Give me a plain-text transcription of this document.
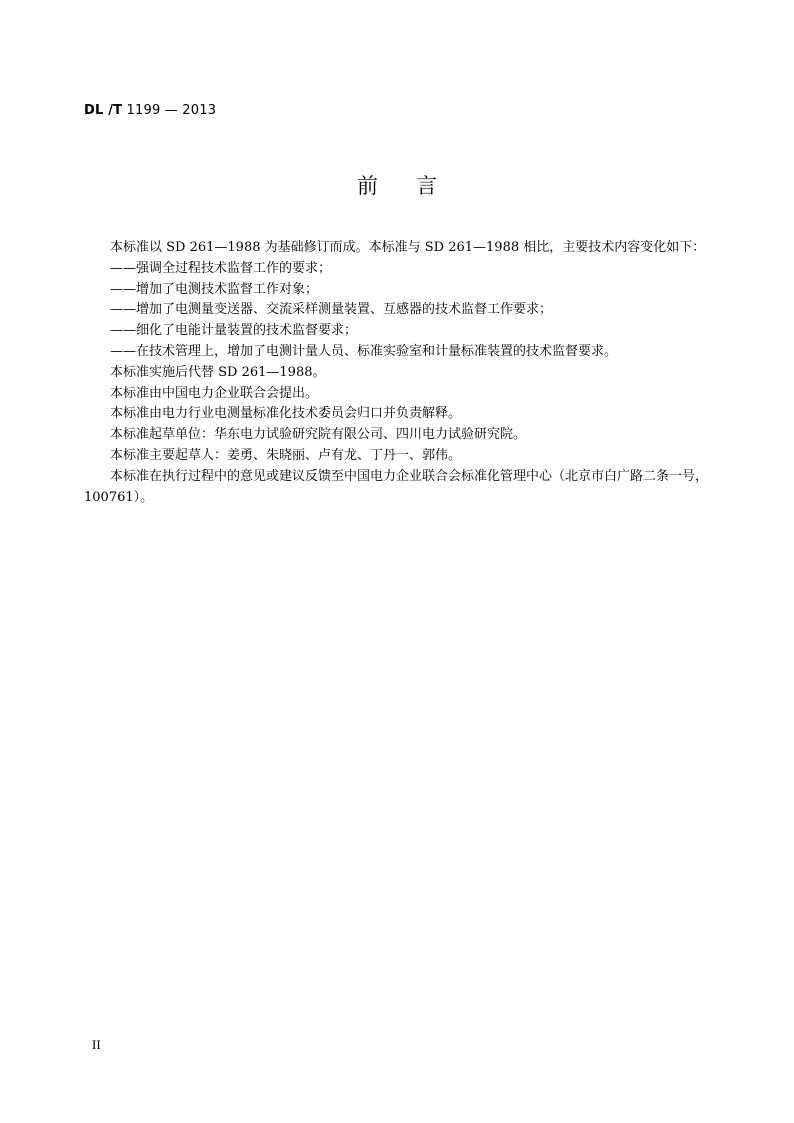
DL /T 1199 — 2013
前言

本标准以 SD 261—1988 为基础修订而成。本标准与 SD 261—1988 相比，主要技术内容变化如下：

——强调全过程技术监督工作的要求；

——增加了电测技术监督工作对象；

——增加了电测量变送器、交流采样测量装置、互感器的技术监督工作要求；

——细化了电能计量装置的技术监督要求；

——在技术管理上，增加了电测计量人员、标准实验室和计量标准装置的技术监督要求。

本标准实施后代替 SD 261—1988。

本标准由中国电力企业联合会提出。

本标准由电力行业电测量标准化技术委员会归口并负责解释。

本标准起草单位：华东电力试验研究院有限公司、四川电力试验研究院。

本标准主要起草人：姜勇、朱晓丽、卢有龙、丁丹一、郭伟。

本标准在执行过程中的意见或建议反馈至中国电力企业联合会标准化管理中心（北京市白广路二条一号，100761）。

II
